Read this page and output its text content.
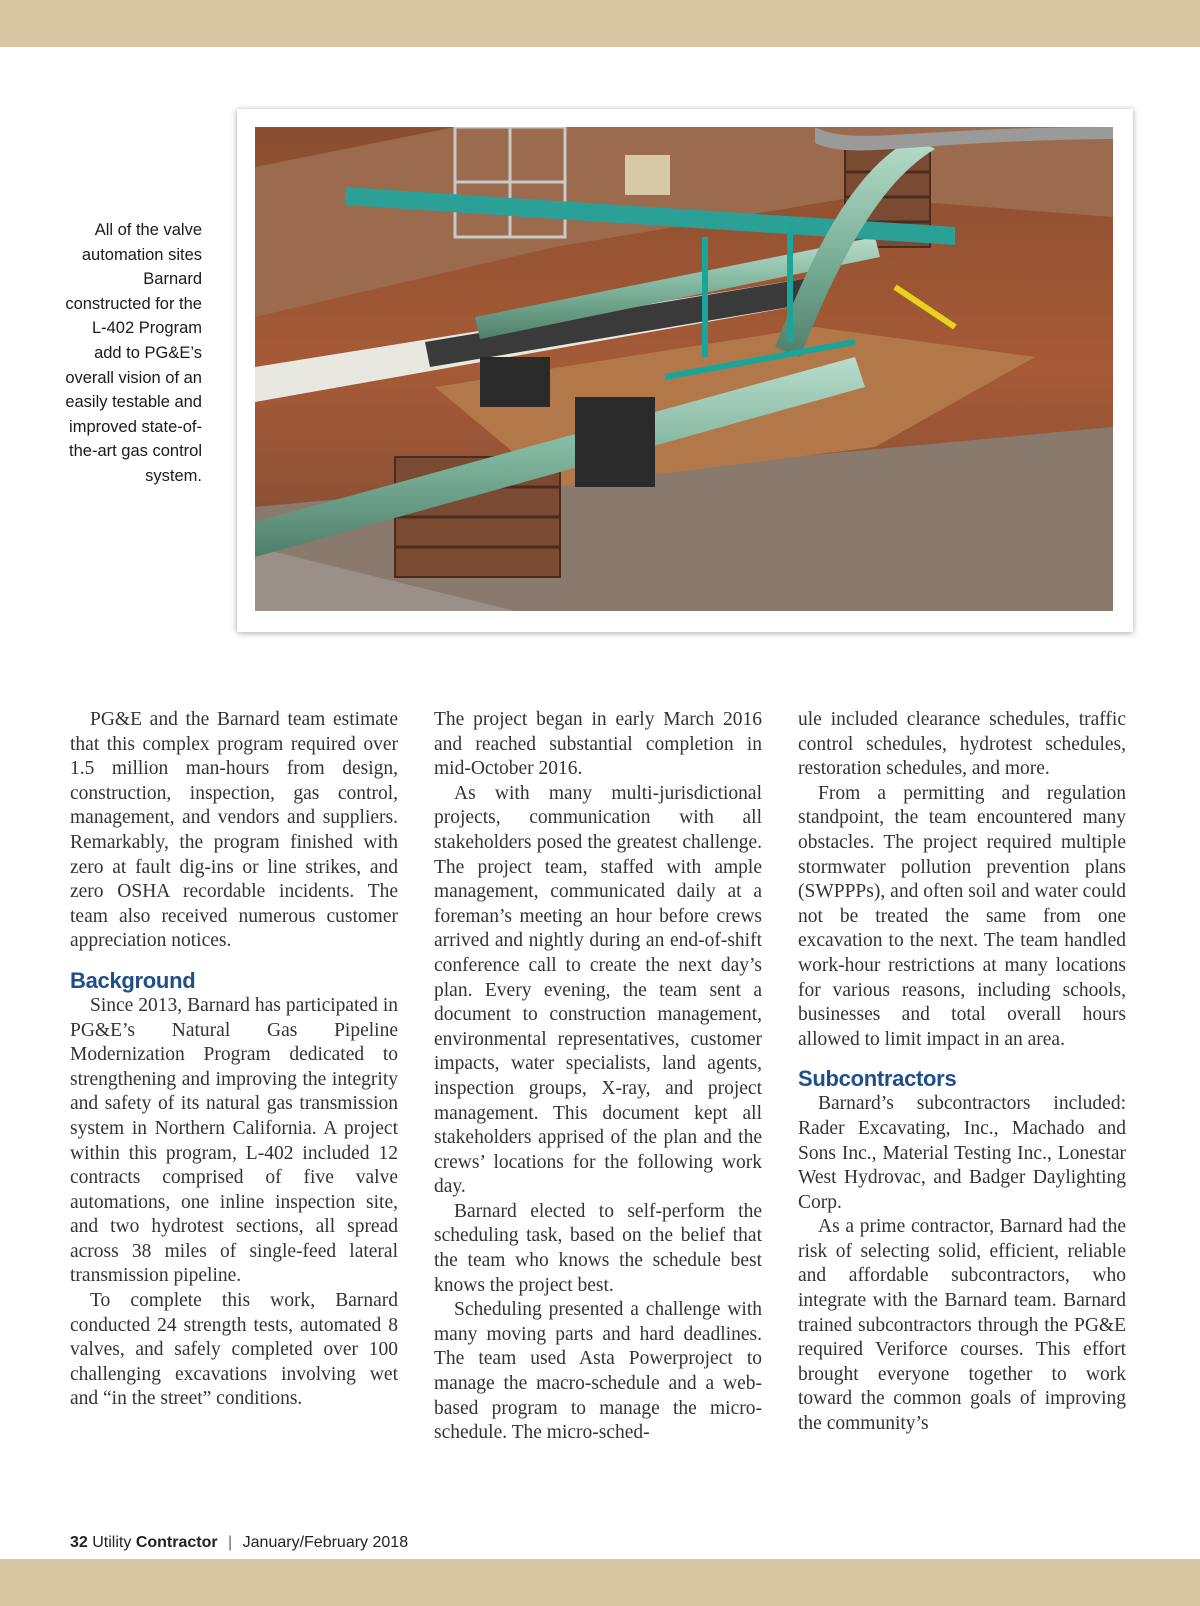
All of the valve automation sites Barnard constructed for the L-402 Program add to PG&E’s overall vision of an easily testable and improved state-of-the-art gas control system.

PG&E and the Barnard team estimate that this complex program required over 1.5 million man-hours from design, construction, inspection, gas control, management, and vendors and suppliers. Remarkably, the program finished with zero at fault dig-ins or line strikes, and zero OSHA recordable incidents. The team also received numerous customer appreciation notices.

Background

Since 2013, Barnard has participated in PG&E’s Natural Gas Pipeline Modernization Program dedicated to strengthening and improving the integrity and safety of its natural gas transmission system in Northern California. A project within this program, L-402 included 12 contracts comprised of five valve automations, one inline inspection site, and two hydrotest sections, all spread across 38 miles of single-feed lateral transmission pipeline.

To complete this work, Barnard conducted 24 strength tests, automated 8 valves, and safely completed over 100 challenging excavations involving wet and “in the street” conditions.

The project began in early March 2016 and reached substantial completion in mid-October 2016.

As with many multi-jurisdictional projects, communication with all stakeholders posed the greatest challenge. The project team, staffed with ample management, communicated daily at a foreman’s meeting an hour before crews arrived and nightly during an end-of-shift conference call to create the next day’s plan. Every evening, the team sent a document to construction management, environmental representatives, customer impacts, water specialists, land agents, inspection groups, X-ray, and project management. This document kept all stakeholders apprised of the plan and the crews’ locations for the following work day.

Barnard elected to self-perform the scheduling task, based on the belief that the team who knows the schedule best knows the project best.

Scheduling presented a challenge with many moving parts and hard deadlines. The team used Asta Powerproject to manage the macro-schedule and a web-based program to manage the micro-schedule. The micro-sched-

ule included clearance schedules, traffic control schedules, hydrotest schedules, restoration schedules, and more.

From a permitting and regulation standpoint, the team encountered many obstacles. The project required multiple stormwater pollution prevention plans (SWPPPs), and often soil and water could not be treated the same from one excavation to the next. The team handled work-hour restrictions at many locations for various reasons, including schools, businesses and total overall hours allowed to limit impact in an area.

Subcontractors

Barnard’s subcontractors included: Rader Excavating, Inc., Machado and Sons Inc., Material Testing Inc., Lonestar West Hydrovac, and Badger Daylighting Corp.

As a prime contractor, Barnard had the risk of selecting solid, efficient, reliable and affordable subcontractors, who integrate with the Barnard team. Barnard trained subcontractors through the PG&E required Veriforce courses. This effort brought everyone together to work toward the common goals of improving the community’s

32 Utility Contractor | January/February 2018
